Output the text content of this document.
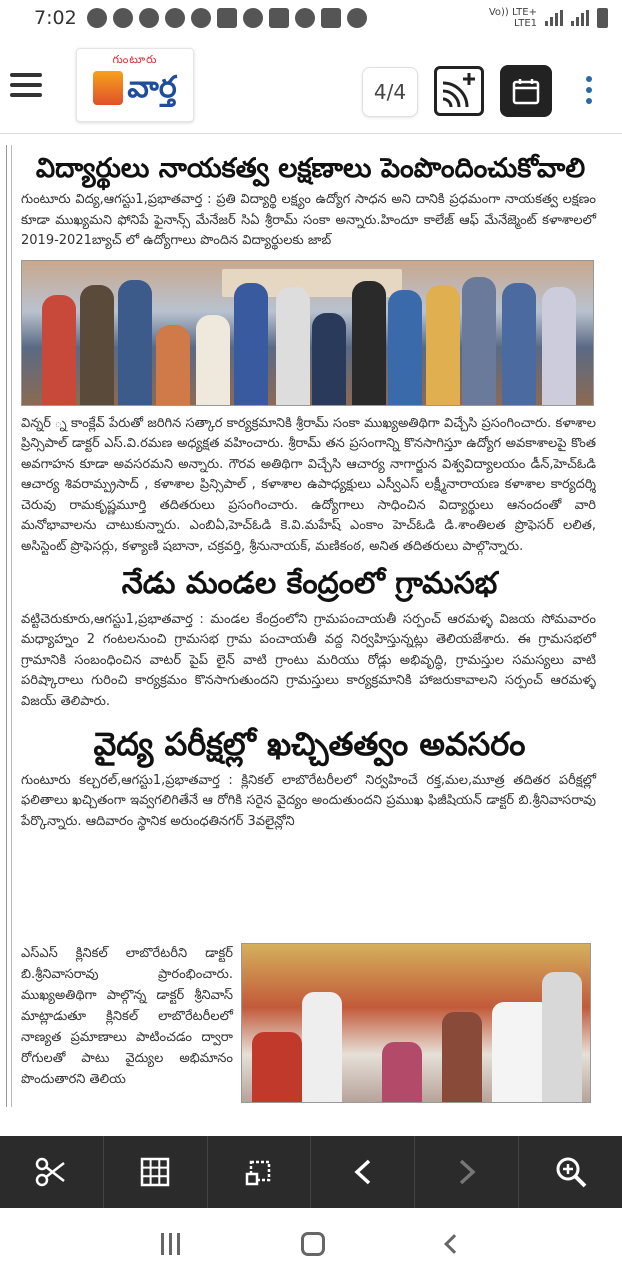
7:02	Vo)) LTE+
LTE1
గుంటూరు
వార్త	4/4
విద్యార్థులు నాయకత్వ లక్షణాలు పెంపొందించుకోవాలి
గుంటూరు విద్య,ఆగస్టు1,ప్రభాతవార్త : ప్రతి విద్యార్థి లక్ష్యం ఉద్యోగ సాధన అని దానికి ప్రధమంగా నాయకత్వ లక్షణం కూడా ముఖ్యమని ఫోనిపే ఫైనాన్స్ మేనేజర్ సిఏ శ్రీరామ్ సంకా అన్నారు.హిందూ కాలేజ్ ఆఫ్ మేనేజ్మెంట్ కళాశాలలో 2019-2021బ్యాచ్ లో ఉద్యోగాలు పొందిన విద్యార్థులకు జాబ్
విన్నర్ ్న కాంక్లేవ్ పేరుతో జరిగిన సత్కార కార్యక్రమానికి శ్రీరామ్ సంకా ముఖ్యఅతిథిగా విచ్చేసి ప్రసంగించారు. కళాశాల ప్రిన్సిపాల్ డాక్టర్ ఎస్.వి.రమణ అధ్యక్షత వహించారు. శ్రీరామ్ తన ప్రసంగాన్ని కొనసాగిస్తూ ఉద్యోగ అవకాశాలపై కొంత అవగాహన కూడా అవసరమని అన్నారు. గౌరవ అతిథిగా విచ్చేసి ఆచార్య నాగార్జున విశ్వవిద్యాలయం డీన్,హెచ్ఓడి ఆచార్య శివరామ్ప్రసాద్ , కళాశాల ప్రిన్సిపాల్ , కళాశాల ఉపాధ్యక్షులు ఎస్వీఎస్ లక్ష్మీనారాయణ కళాశాల కార్యదర్శి చెరువు రామకృష్ణమూర్తి తదితరులు ప్రసంగించారు. ఉద్యోగాలు సాధించిన విద్యార్థులు ఆనందంతో వారి మనోభావాలను చాటుకున్నారు. ఎంబిఏ,హెచ్ఓడి కె.వి.మహేష్ ఎంకాం హెచ్ఓడి డి.శాంతిలత ప్రొఫెసర్ లలిత, అసిస్టెంట్ ప్రొఫెసర్లు, కళ్యాణి షబానా, చక్రవర్తి, శ్రీనునాయక్, మణికంఠ, అనిత తదితరులు పాల్గొన్నారు.
నేడు మండల కేంద్రంలో గ్రామసభ
వట్టిచెరుకూరు,ఆగస్టు1,ప్రభాతవార్త : మండల కేంద్రంలోని గ్రామపంచాయతీ సర్పంచ్ ఆరమళ్ళ విజయ సోమవారం మధ్యాహ్నం 2 గంటలనుంచి గ్రామసభ గ్రామ పంచాయతీ వద్ద నిర్వహిస్తున్నట్లు తెలియజేశారు. ఈ గ్రామసభలో గ్రామానికి సంబంధించిన వాటర్ పైప్ లైన్ వాటి గ్రాంటు మరియు రోడ్లు అభివృద్ధి, గ్రామస్తుల సమస్యలు వాటి పరిష్కారాలు గురించి కార్యక్రమం కొనసాగుతుందని గ్రామస్తులు కార్యక్రమానికి హాజరుకావాలని సర్పంచ్ ఆరమళ్ళ విజయ్ తెలిపారు.
వైద్య పరీక్షల్లో ఖచ్చితత్వం అవసరం
గుంటూరు కల్చరల్,ఆగస్టు1,ప్రభాతవార్త : క్లినికల్ లాబొరేటరీలలో నిర్వహించే రక్త,మల,మూత్ర తదితర పరీక్షల్లో ఫలితాలు ఖచ్చితంగా ఇవ్వగలిగితేనే ఆ రోగికి సరైన వైద్యం అందుతుందని ప్రముఖ ఫిజీషియన్ డాక్టర్ బి.శ్రీనివాసరావు పేర్కొన్నారు. ఆదివారం స్థానిక అరుంధతినగర్ 3వలైన్లోని
ఎస్ఎస్ క్లినికల్ లాబొరేటరీని డాక్టర్ బి.శ్రీనివాసరావు ప్రారంభించారు. ముఖ్యఅతిథిగా పాల్గొన్న డాక్టర్ శ్రీనివాస్ మాట్లాడుతూ క్లినికల్ లాబొరేటరీలలో నాణ్యత ప్రమాణాలు పాటించడం ద్వారా రోగులతో పాటు వైద్యుల అభిమానం పొందుతారని తెలియ
